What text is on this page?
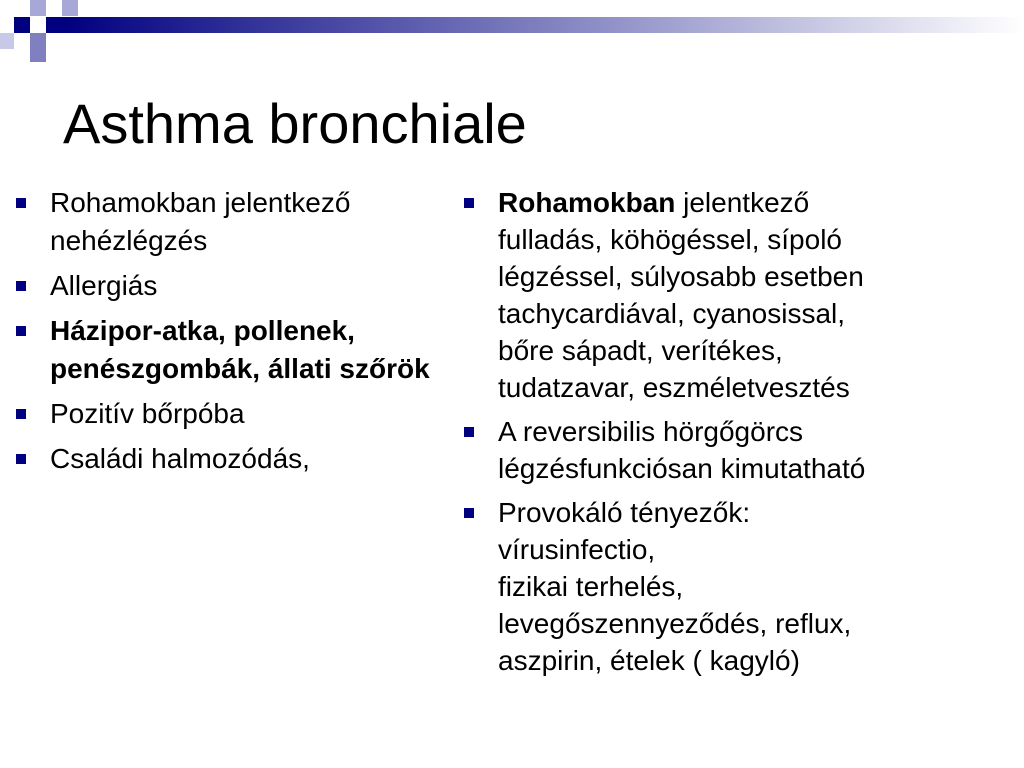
Asthma bronchiale
Rohamokban jelentkező nehézlégzés
Allergiás
Házipor-atka, pollenek, penészgombák, állati szőrök
Pozitív bőrpóba
Családi halmozódás,
Rohamokban jelentkező
fulladás, köhögéssel, sípoló
légzéssel, súlyosabb esetben
tachycardiával, cyanosissal,
bőre sápadt, verítékes,
tudatzavar, eszméletvesztés
A reversibilis hörgőgörcs
légzésfunkciósan kimutatható
Provokáló tényezők:
vírusinfectio,
fizikai terhelés,
levegőszennyeződés, reflux,
aszpirin, ételek ( kagyló)
